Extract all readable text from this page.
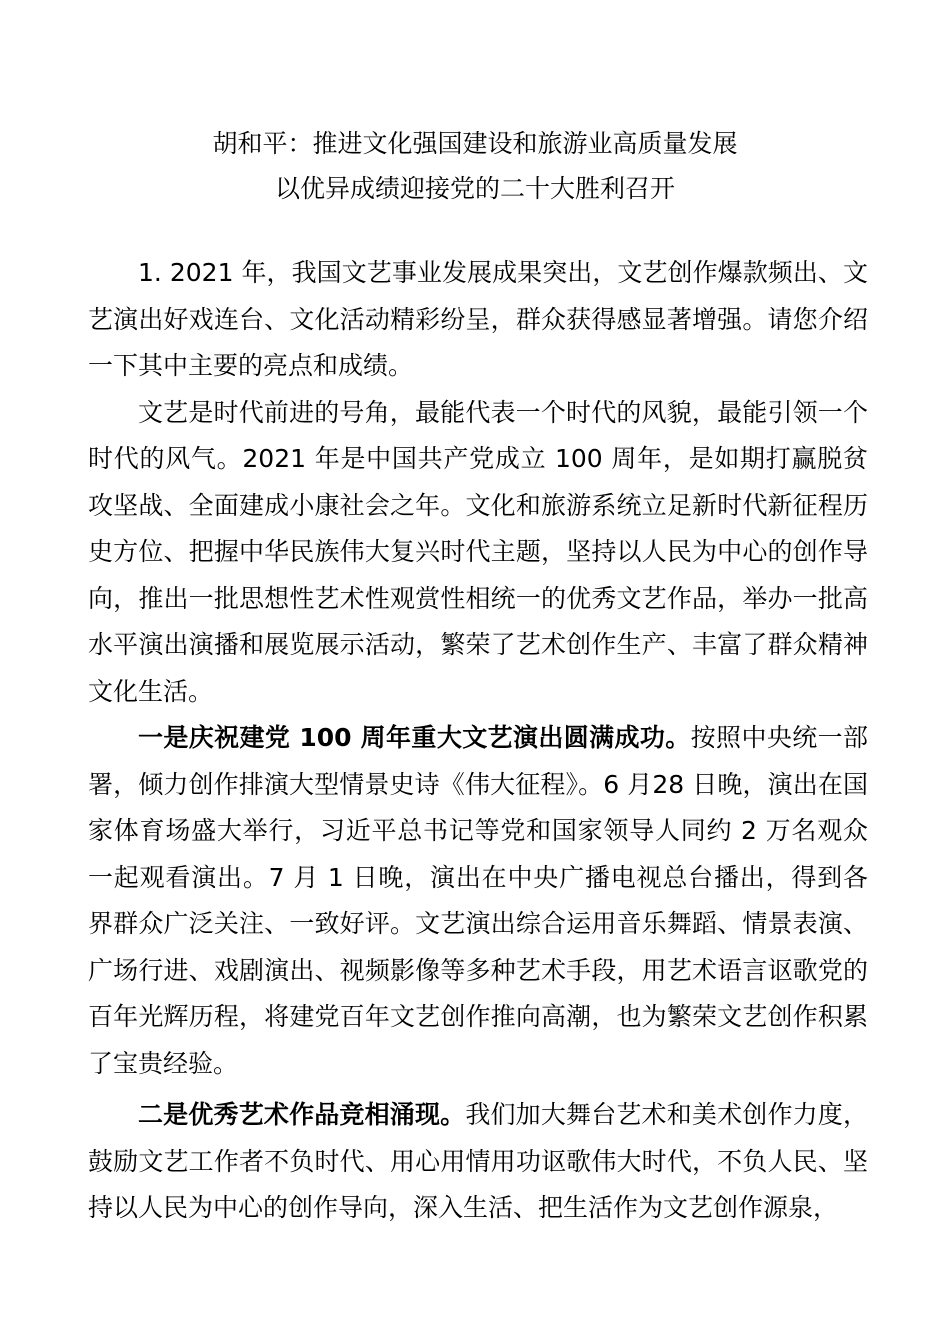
胡和平：推进文化强国建设和旅游业高质量发展
以优异成绩迎接党的二十大胜利召开

1. 2021 年，我国文艺事业发展成果突出，文艺创作爆款频出、文艺演出好戏连台、文化活动精彩纷呈，群众获得感显著增强。请您介绍一下其中主要的亮点和成绩。

文艺是时代前进的号角，最能代表一个时代的风貌，最能引领一个时代的风气。2021 年是中国共产党成立 100 周年，是如期打赢脱贫攻坚战、全面建成小康社会之年。文化和旅游系统立足新时代新征程历史方位、把握中华民族伟大复兴时代主题，坚持以人民为中心的创作导向，推出一批思想性艺术性观赏性相统一的优秀文艺作品，举办一批高水平演出演播和展览展示活动，繁荣了艺术创作生产、丰富了群众精神文化生活。

一是庆祝建党 100 周年重大文艺演出圆满成功。按照中央统一部署，倾力创作排演大型情景史诗《伟大征程》。6 月28 日晚，演出在国家体育场盛大举行，习近平总书记等党和国家领导人同约 2 万名观众一起观看演出。7 月 1 日晚，演出在中央广播电视总台播出，得到各界群众广泛关注、一致好评。文艺演出综合运用音乐舞蹈、情景表演、广场行进、戏剧演出、视频影像等多种艺术手段，用艺术语言讴歌党的百年光辉历程，将建党百年文艺创作推向高潮，也为繁荣文艺创作积累了宝贵经验。

二是优秀艺术作品竞相涌现。我们加大舞台艺术和美术创作力度， 鼓励文艺工作者不负时代、用心用情用功讴歌伟大时代，不负人民、坚持以人民为中心的创作导向，深入生活、把生活作为文艺创作源泉，
